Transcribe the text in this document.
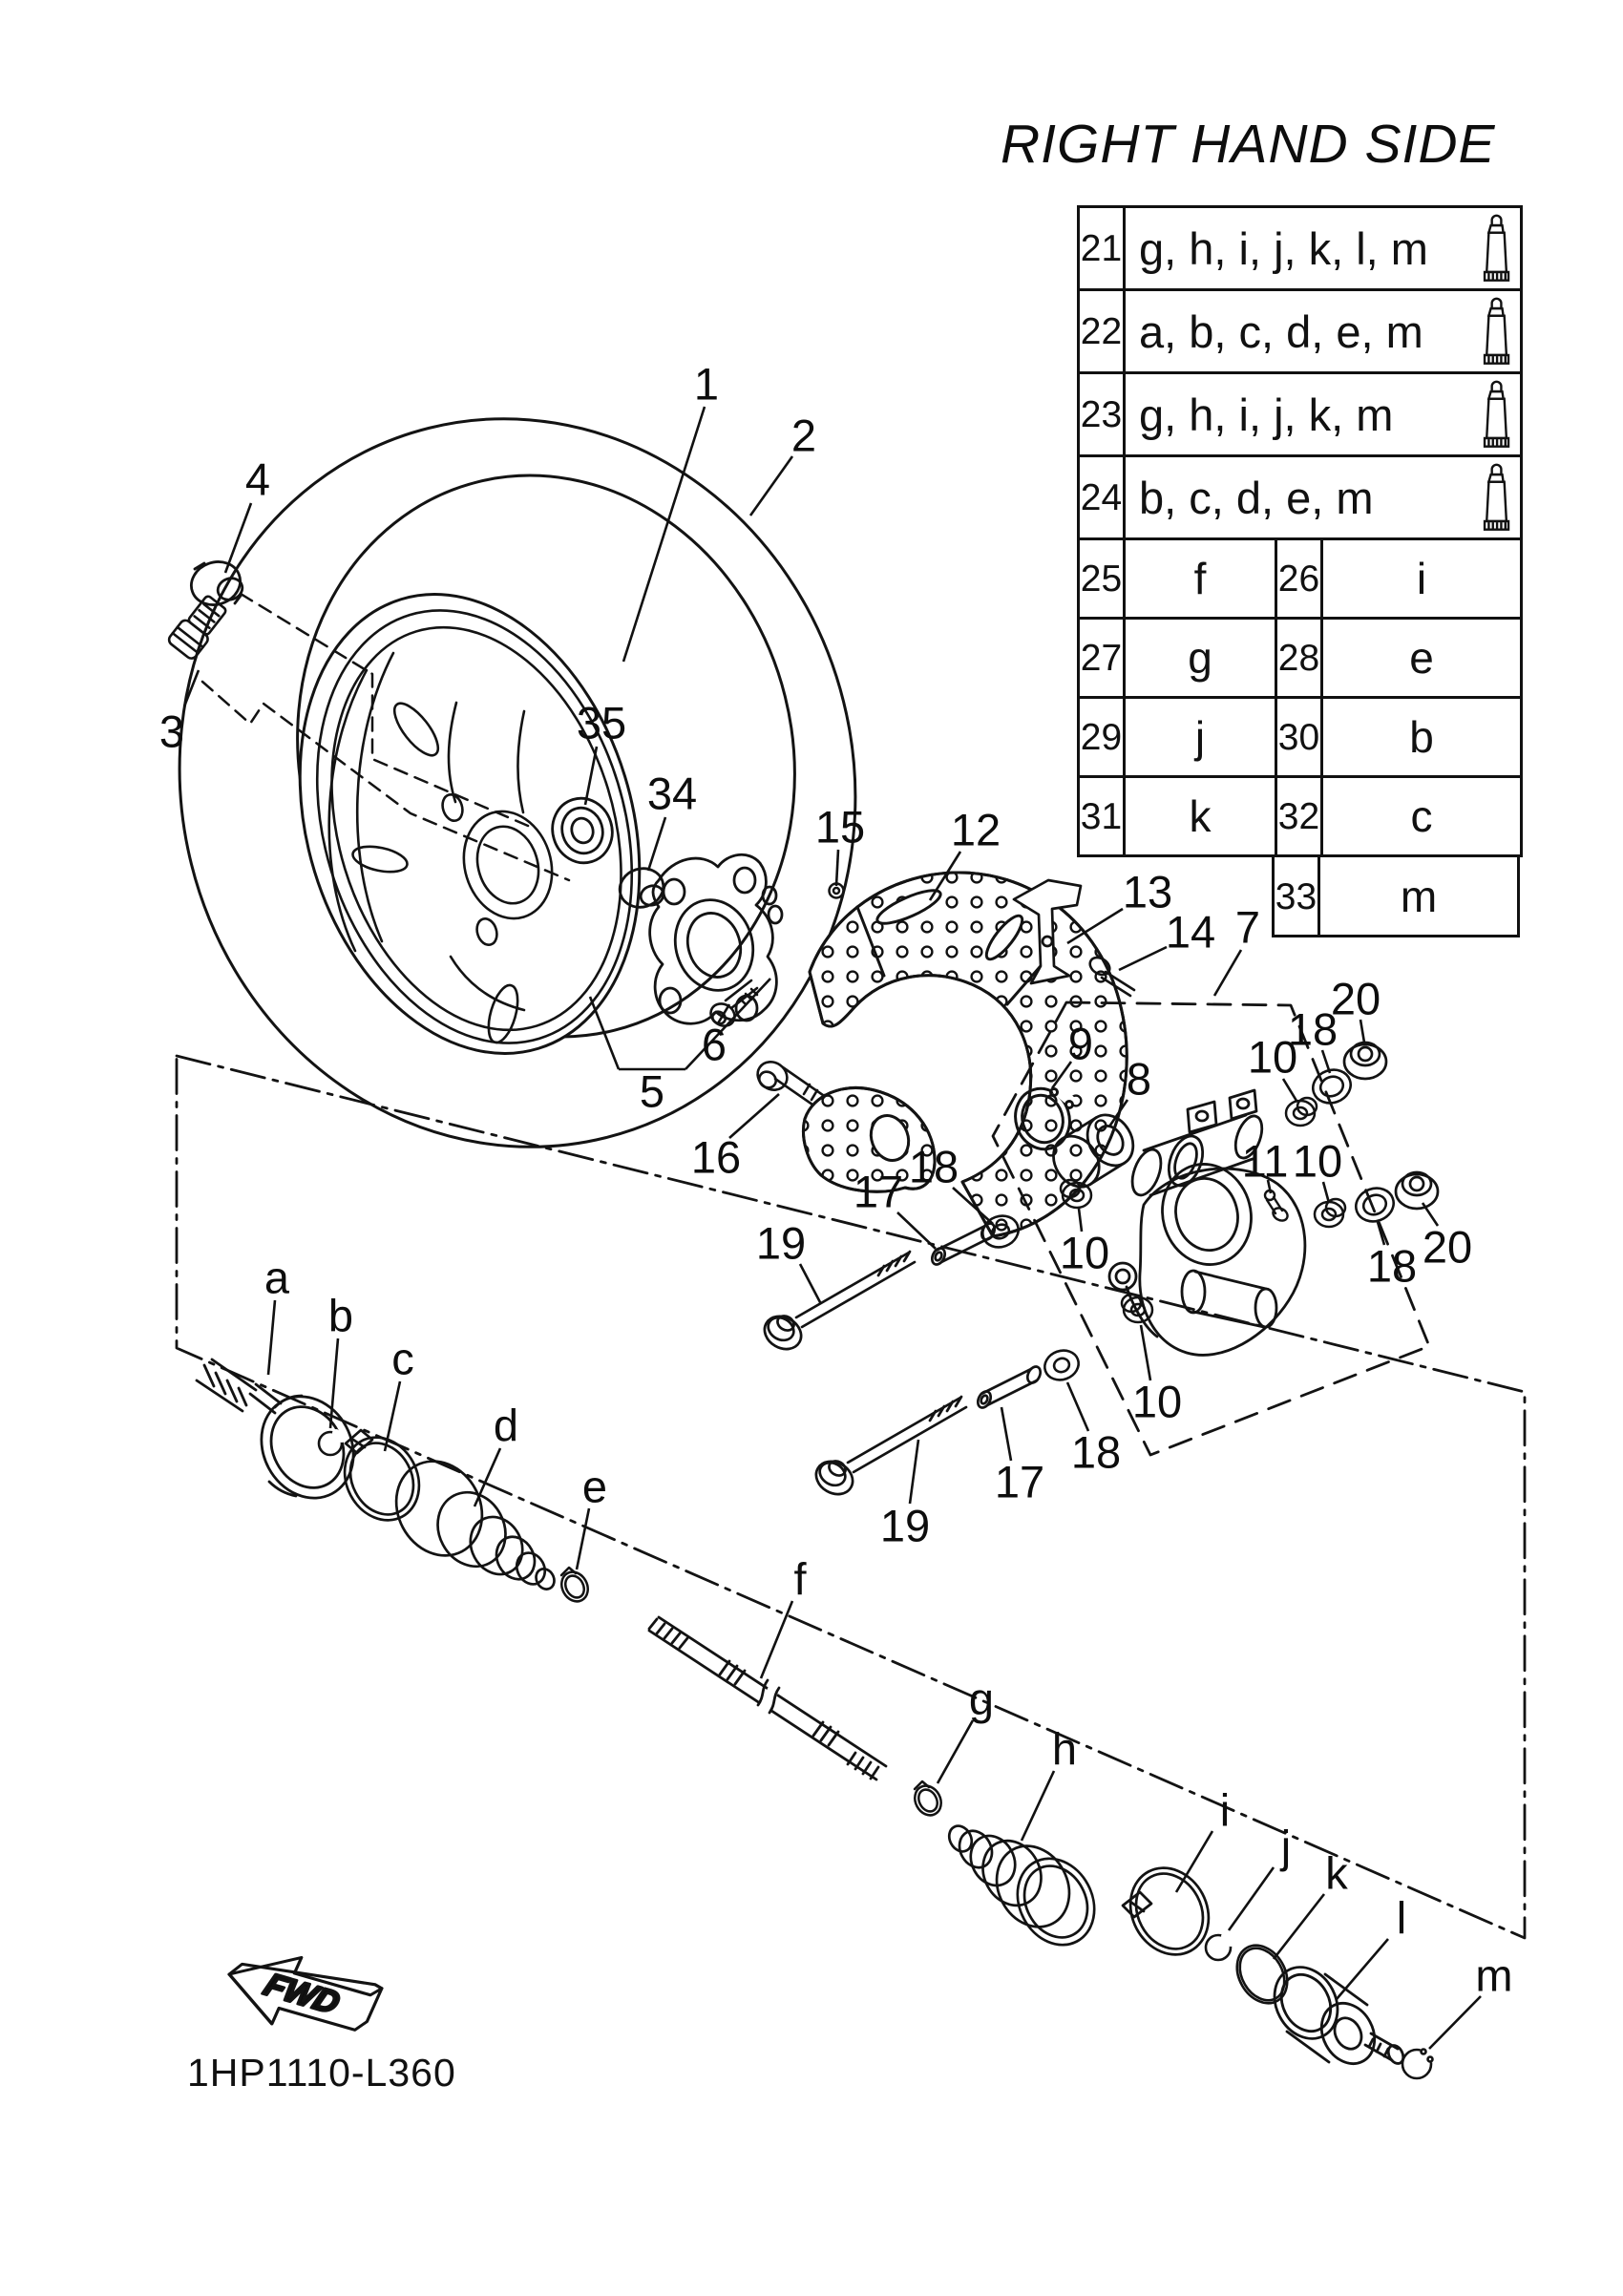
FWD
1
2
3
4
35
34
15 12
13
14 7
5
6
16
9
8
11
10
10
10
10
17
17
18
18
18
18
19
19
20
20
a
b
c
d
e
f
g
h
i
j
k
l
m
RIGHT HAND SIDE
21 g, h, i, j, k, l, m
22 a, b, c, d, e, m
23 g, h, i, j, k, m
24 b, c, d, e, m
25	f	26	i
27	g	28	e
29	j	30	b
31	k	32	c
33	m
1HP1110-L360
